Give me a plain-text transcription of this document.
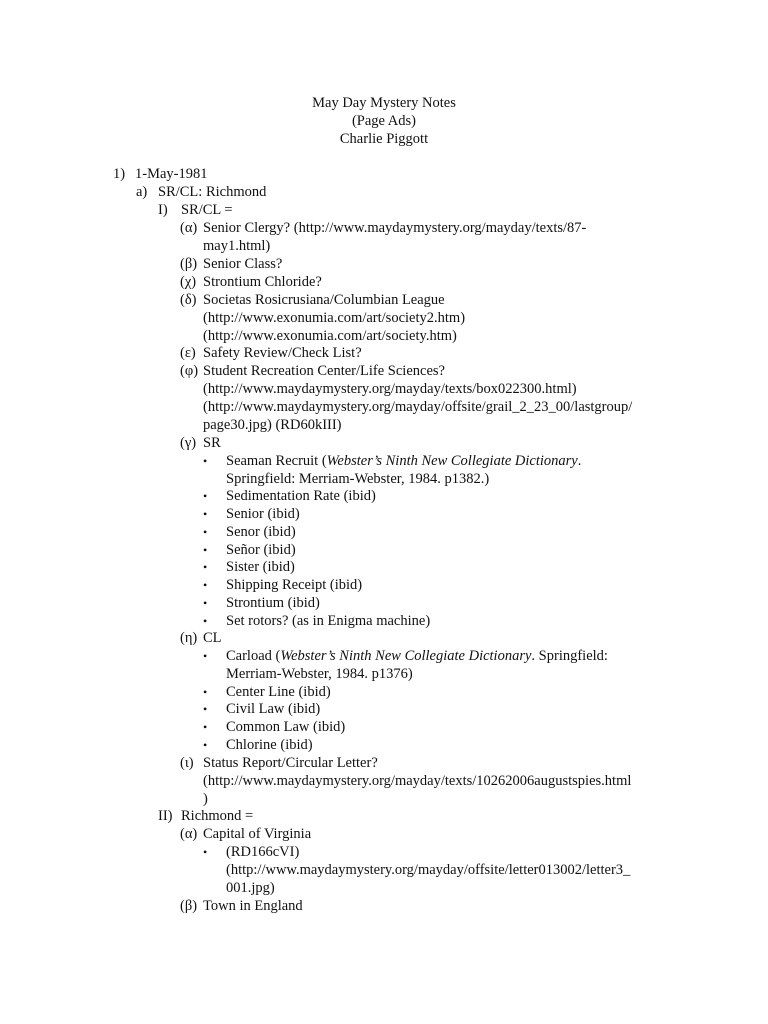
May Day Mystery Notes
(Page Ads)
Charlie Piggott
1) 1-May-1981
a) SR/CL: Richmond
I) SR/CL =
(α) Senior Clergy? (http://www.maydaymystery.org/mayday/texts/87-
may1.html)
(β) Senior Class?
(χ) Strontium Chloride?
(δ) Societas Rosicrusiana/Columbian League
(http://www.exonumia.com/art/society2.htm)
(http://www.exonumia.com/art/society.htm)
(ε) Safety Review/Check List?
(φ) Student Recreation Center/Life Sciences?
(http://www.maydaymystery.org/mayday/texts/box022300.html)
(http://www.maydaymystery.org/mayday/offsite/grail_2_23_00/lastgroup/
page30.jpg) (RD60kIII)
(γ) SR
• Seaman Recruit (Webster’s Ninth New Collegiate Dictionary.
Springfield: Merriam-Webster, 1984. p1382.)
• Sedimentation Rate (ibid)
• Senior (ibid)
• Senor (ibid)
• Señor (ibid)
• Sister (ibid)
• Shipping Receipt (ibid)
• Strontium (ibid)
• Set rotors? (as in Enigma machine)
(η) CL
• Carload (Webster’s Ninth New Collegiate Dictionary. Springfield:
Merriam-Webster, 1984. p1376)
• Center Line (ibid)
• Civil Law (ibid)
• Common Law (ibid)
• Chlorine (ibid)
(ι) Status Report/Circular Letter?
(http://www.maydaymystery.org/mayday/texts/10262006augustspies.html
)
II) Richmond =
(α) Capital of Virginia
• (RD166cVI)
(http://www.maydaymystery.org/mayday/offsite/letter013002/letter3_
001.jpg)
(β) Town in England
